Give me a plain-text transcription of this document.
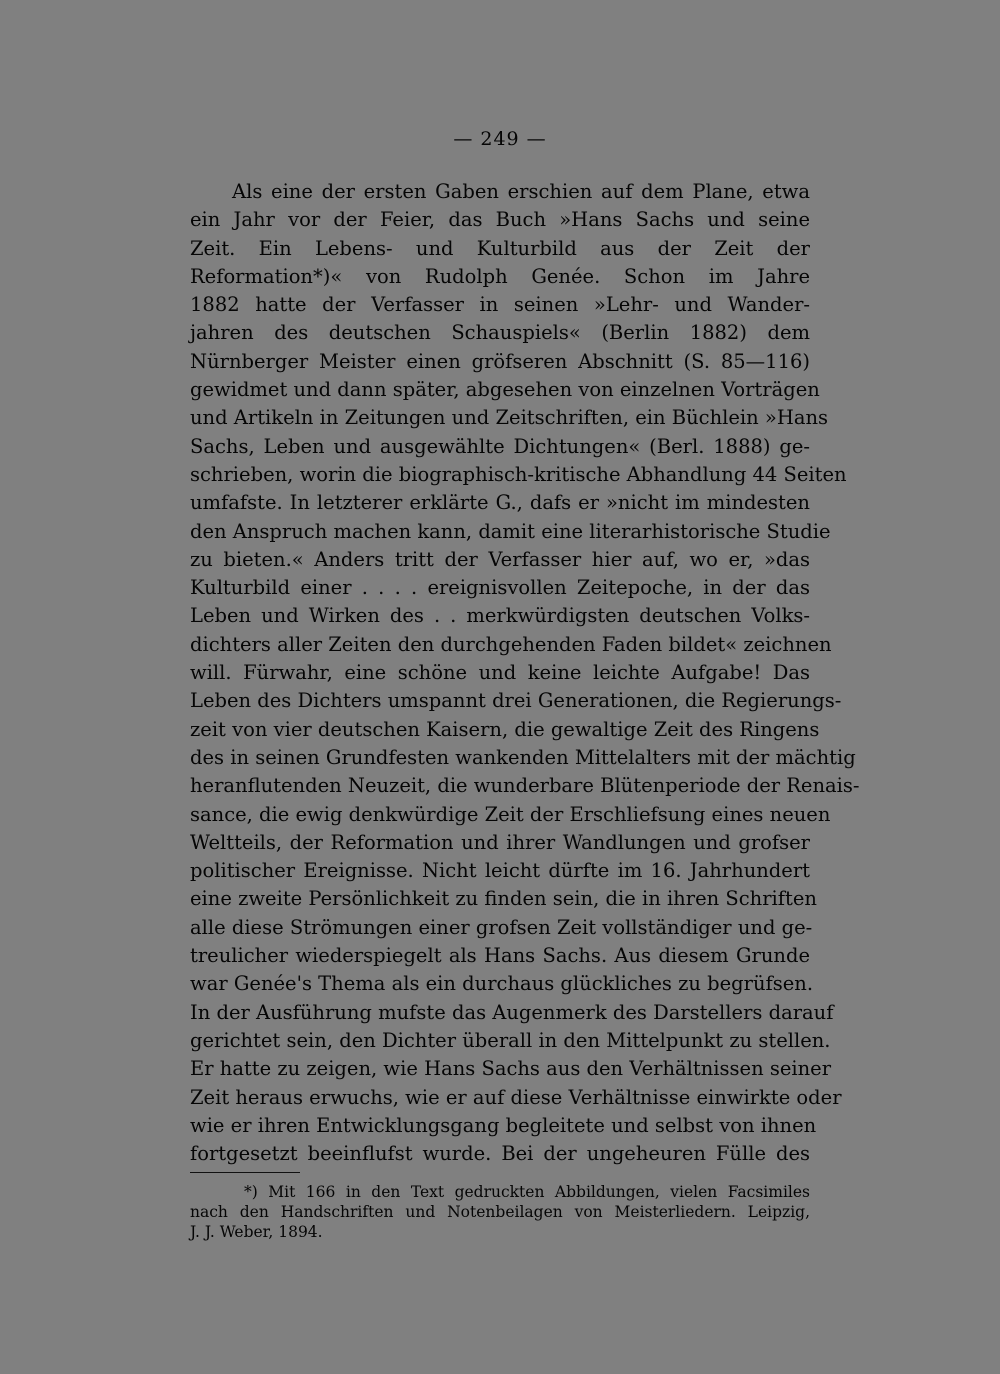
— 249 —
Als eine der ersten Gaben erschien auf dem Plane, etwa
ein Jahr vor der Feier, das Buch »Hans Sachs und seine
Zeit. Ein Lebens- und Kulturbild aus der Zeit der
Reformation*)« von Rudolph Genée. Schon im Jahre
1882 hatte der Verfasser in seinen »Lehr- und Wander-
jahren des deutschen Schauspiels« (Berlin 1882) dem
Nürnberger Meister einen gröfseren Abschnitt (S. 85—116)
gewidmet und dann später, abgesehen von einzelnen Vorträgen
und Artikeln in Zeitungen und Zeitschriften, ein Büchlein »Hans
Sachs, Leben und ausgewählte Dichtungen« (Berl. 1888) ge-
schrieben, worin die biographisch-kritische Abhandlung 44 Seiten
umfafste. In letzterer erklärte G., dafs er »nicht im mindesten
den Anspruch machen kann, damit eine literarhistorische Studie
zu bieten.« Anders tritt der Verfasser hier auf, wo er, »das
Kulturbild einer . . . . ereignisvollen Zeitepoche, in der das
Leben und Wirken des . . merkwürdigsten deutschen Volks-
dichters aller Zeiten den durchgehenden Faden bildet« zeichnen
will. Fürwahr, eine schöne und keine leichte Aufgabe! Das
Leben des Dichters umspannt drei Generationen, die Regierungs-
zeit von vier deutschen Kaisern, die gewaltige Zeit des Ringens
des in seinen Grundfesten wankenden Mittelalters mit der mächtig
heranflutenden Neuzeit, die wunderbare Blütenperiode der Renais-
sance, die ewig denkwürdige Zeit der Erschliefsung eines neuen
Weltteils, der Reformation und ihrer Wandlungen und grofser
politischer Ereignisse. Nicht leicht dürfte im 16. Jahrhundert
eine zweite Persönlichkeit zu finden sein, die in ihren Schriften
alle diese Strömungen einer grofsen Zeit vollständiger und ge-
treulicher wiederspiegelt als Hans Sachs. Aus diesem Grunde
war Genée's Thema als ein durchaus glückliches zu begrüfsen.
In der Ausführung mufste das Augenmerk des Darstellers darauf
gerichtet sein, den Dichter überall in den Mittelpunkt zu stellen.
Er hatte zu zeigen, wie Hans Sachs aus den Verhältnissen seiner
Zeit heraus erwuchs, wie er auf diese Verhältnisse einwirkte oder
wie er ihren Entwicklungsgang begleitete und selbst von ihnen
fortgesetzt beeinflufst wurde. Bei der ungeheuren Fülle des
*) Mit 166 in den Text gedruckten Abbildungen, vielen Facsimiles
nach den Handschriften und Notenbeilagen von Meisterliedern. Leipzig,
J. J. Weber, 1894.
